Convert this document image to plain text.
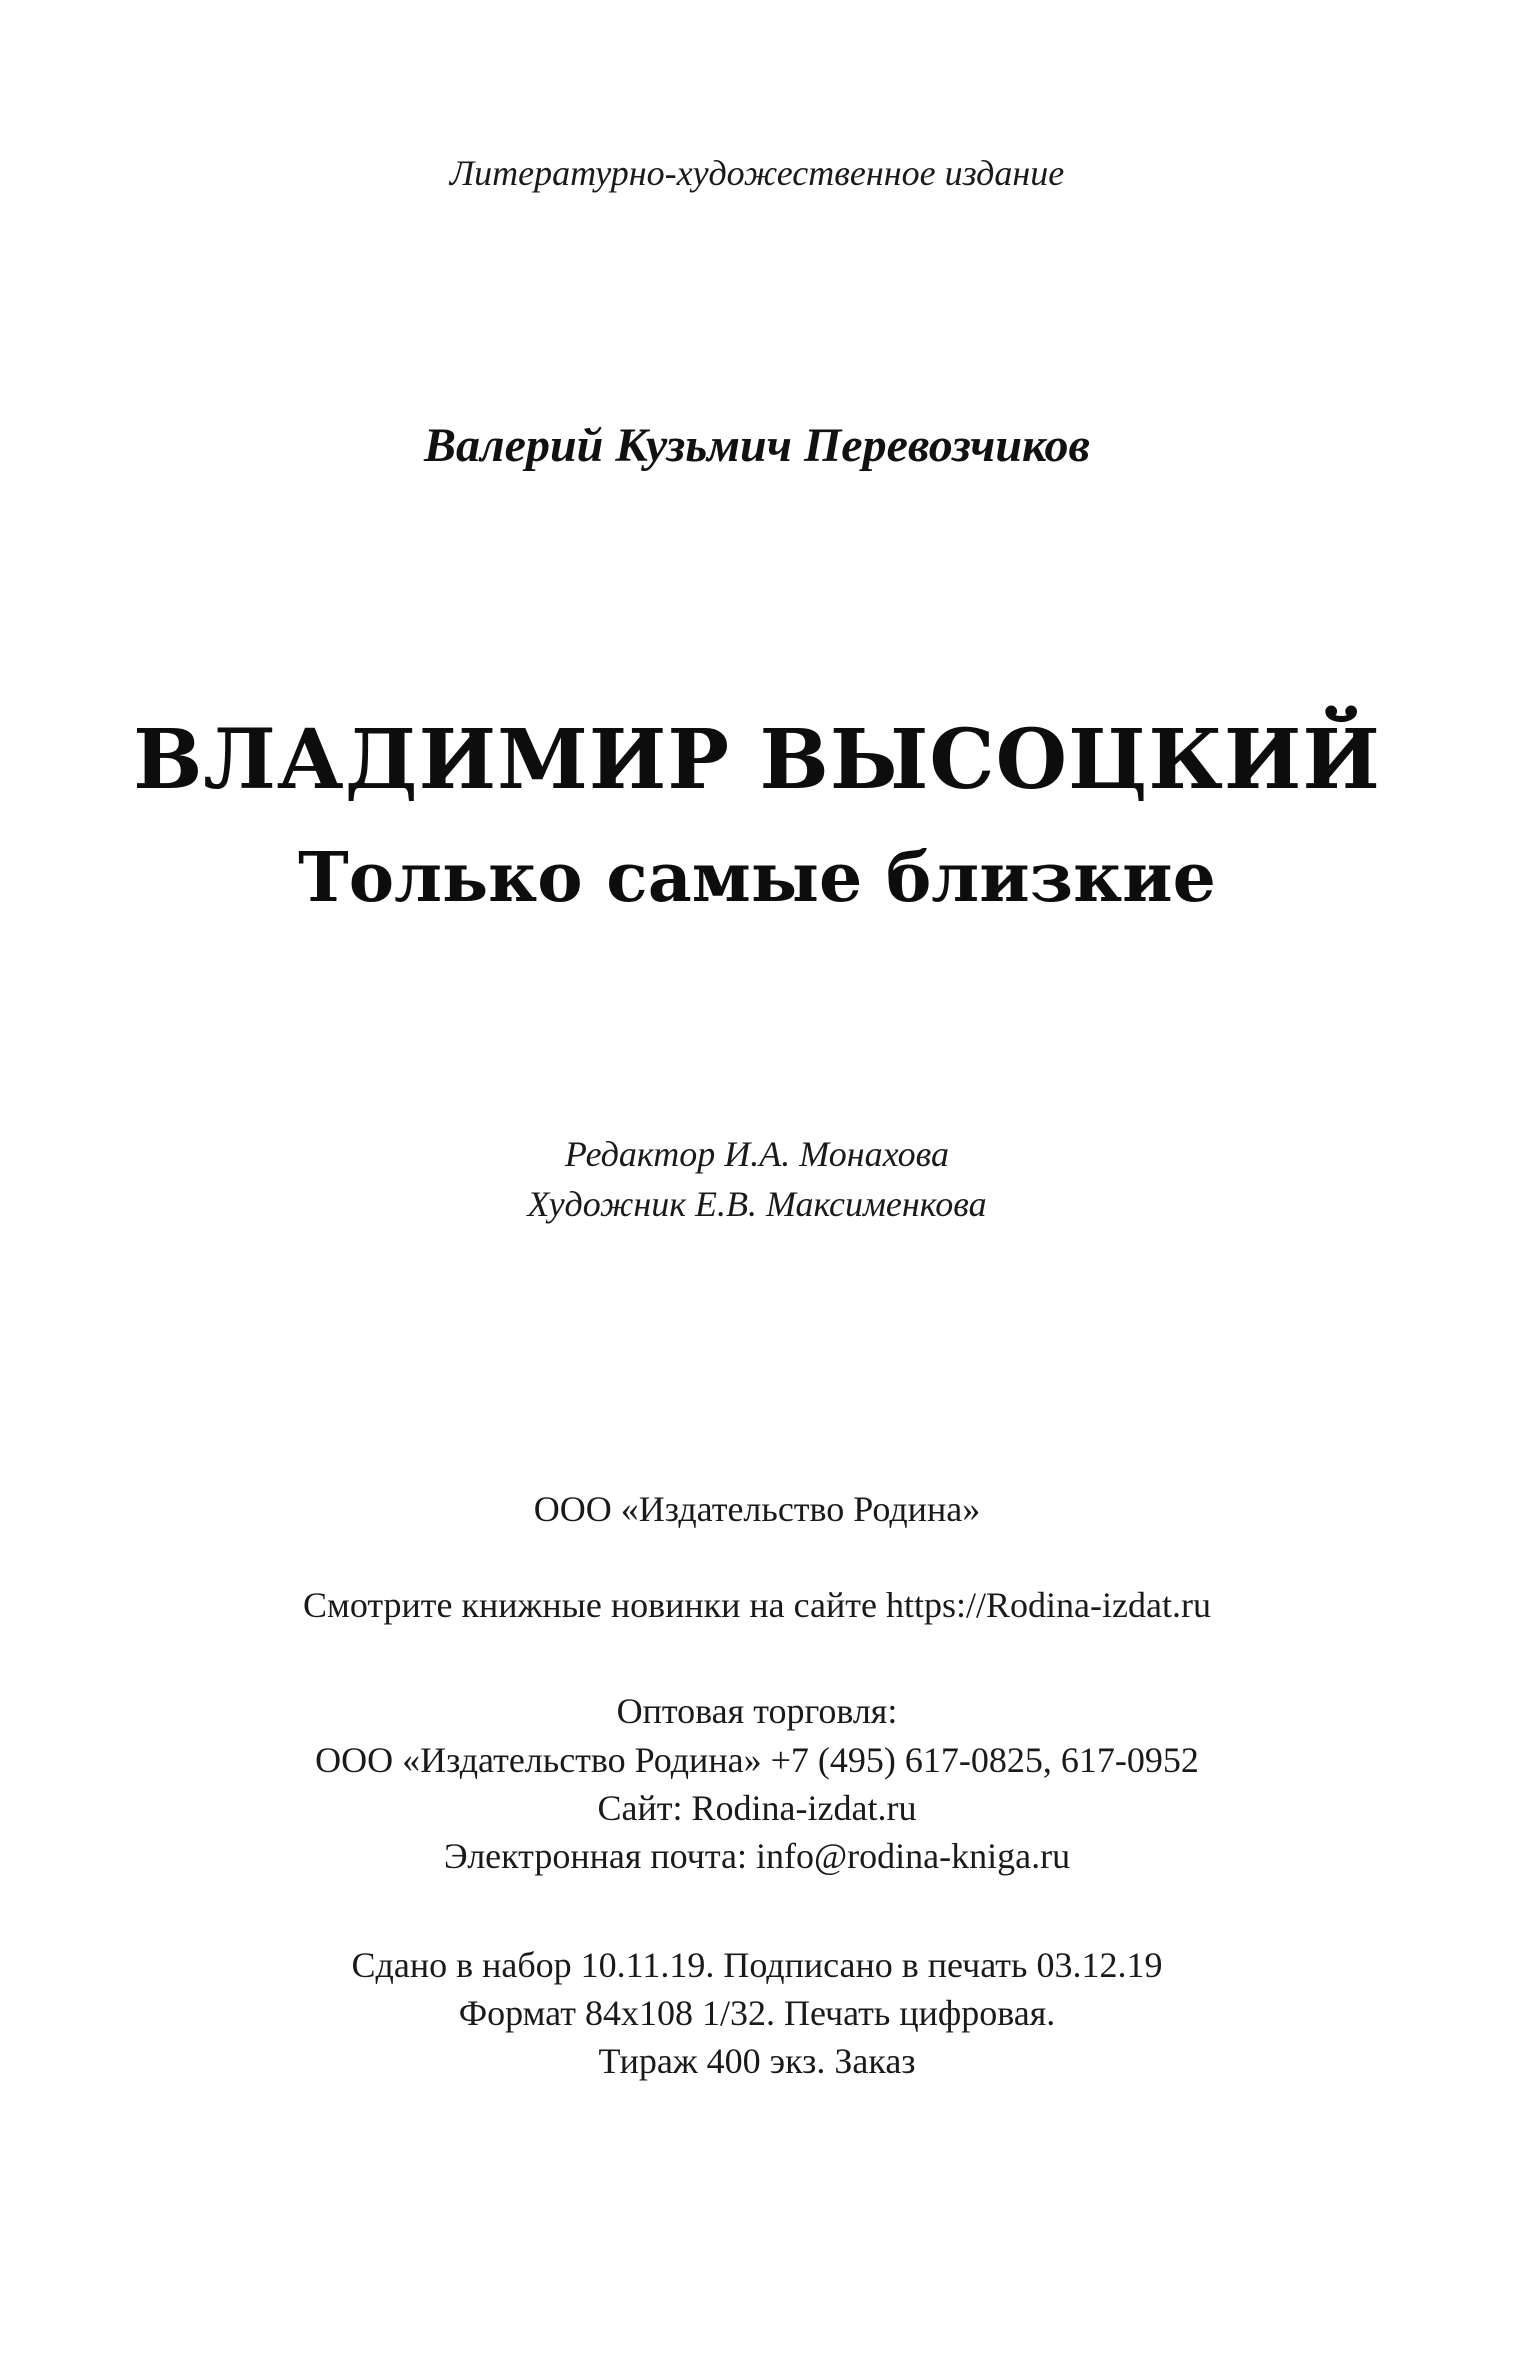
Литературно-художественное издание
Валерий Кузьмич Перевозчиков
ВЛАДИМИР ВЫСОЦКИЙ
Только самые близкие
Редактор И.А. Монахова
Художник Е.В. Максименкова
ООО «Издательство Родина»
Смотрите книжные новинки на сайте https://Rodina-izdat.ru
Оптовая торговля:
ООО «Издательство Родина» +7 (495) 617-0825, 617-0952
Сайт: Rodina-izdat.ru
Электронная почта: info@rodina-kniga.ru
Сдано в набор 10.11.19. Подписано в печать 03.12.19
Формат 84x108 1/32. Печать цифровая.
Тираж 400 экз. Заказ
